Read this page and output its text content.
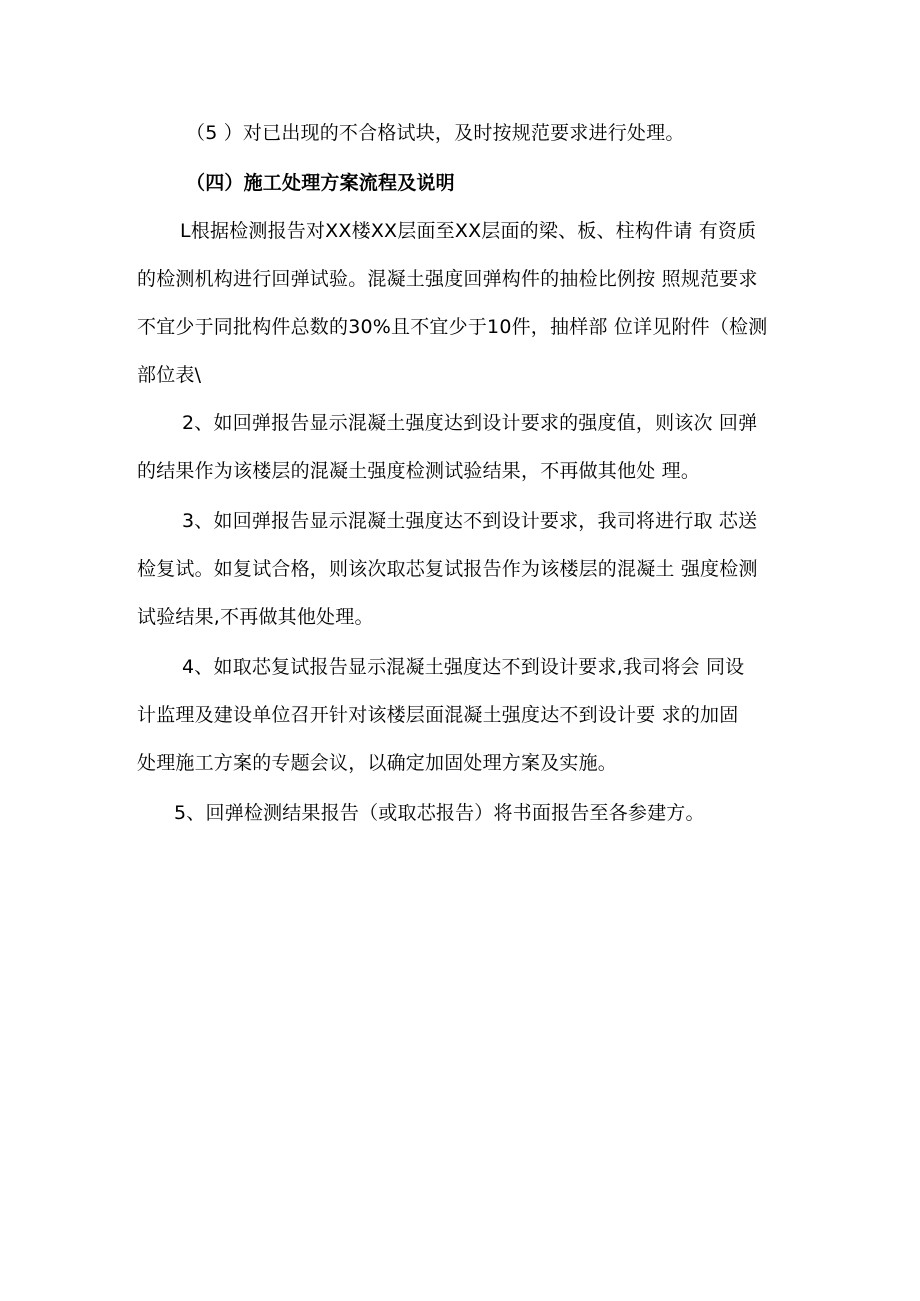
（5 ）对已出现的不合格试块，及时按规范要求进行处理。
（四）施工处理方案流程及说明
L根据检测报告对XX楼XX层面至XX层面的梁、板、柱构件请 有资质
的检测机构进行回弹试验。混凝土强度回弹构件的抽检比例按 照规范要求
不宜少于同批构件总数的30%且不宜少于10件，抽样部 位详见附件（检测
部位表\
2、如回弹报告显示混凝土强度达到设计要求的强度值，则该次 回弹
的结果作为该楼层的混凝土强度检测试验结果，不再做其他处 理。
3、如回弹报告显示混凝土强度达不到设计要求，我司将进行取 芯送
检复试。如复试合格，则该次取芯复试报告作为该楼层的混凝土 强度检测
试验结果,不再做其他处理。
4、如取芯复试报告显示混凝土强度达不到设计要求,我司将会 同设
计监理及建设单位召开针对该楼层面混凝土强度达不到设计要 求的加固
处理施工方案的专题会议，以确定加固处理方案及实施。
5、回弹检测结果报告（或取芯报告）将书面报告至各参建方。
